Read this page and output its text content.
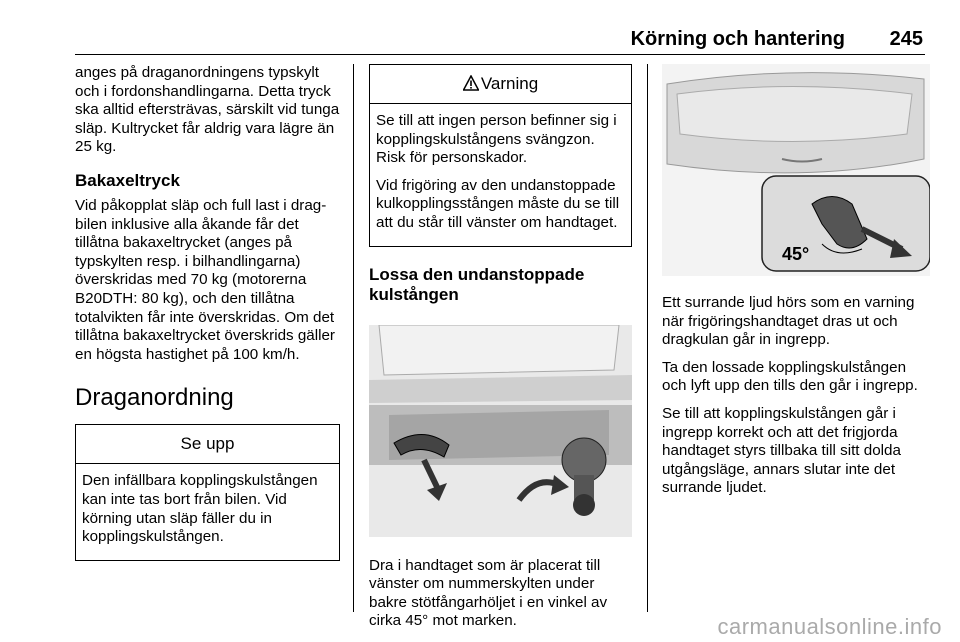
Körning och hantering 245

anges på draganordningens typskylt och i fordonshandlingarna. Detta tryck ska alltid eftersträvas, särskilt vid tunga släp. Kultrycket får aldrig vara lägre än 25 kg.

Bakaxeltryck

Vid påkopplat släp och full last i dragbilen inklusive alla åkande får det tillåtna bakaxeltrycket (anges på typskylten resp. i bilhandlingarna) överskridas med 70 kg (motorerna B20DTH: 80 kg), och den tillåtna totalvikten får inte överskridas. Om det tillåtna bakaxeltrycket överskrids gäller en högsta hastighet på 100 km/h.

Draganordning
Se upp

Den infällbara kopplingskulstången kan inte tas bort från bilen. Vid körning utan släp fäller du in kopplingskulstången.

Varning

Se till att ingen person befinner sig i kopplingskulstångens svängzon. Risk för personskador.

Vid frigöring av den undanstoppade kulkopplingsstången måste du se till att du står till vänster om handtaget.

Lossa den undanstoppade kulstången

Dra i handtaget som är placerat till vänster om nummerskylten under bakre stötfångarhöljet i en vinkel av cirka 45° mot marken.

45°

Ett surrande ljud hörs som en varning när frigöringshandtaget dras ut och dragkulan går in ingrepp.

Ta den lossade kopplingskulstången och lyft upp den tills den går i ingrepp.

Se till att kopplingskulstången går i ingrepp korrekt och att det frigjorda handtaget styrs tillbaka till sitt dolda utgångsläge, annars slutar inte det surrande ljudet.

carmanualsonline.info
